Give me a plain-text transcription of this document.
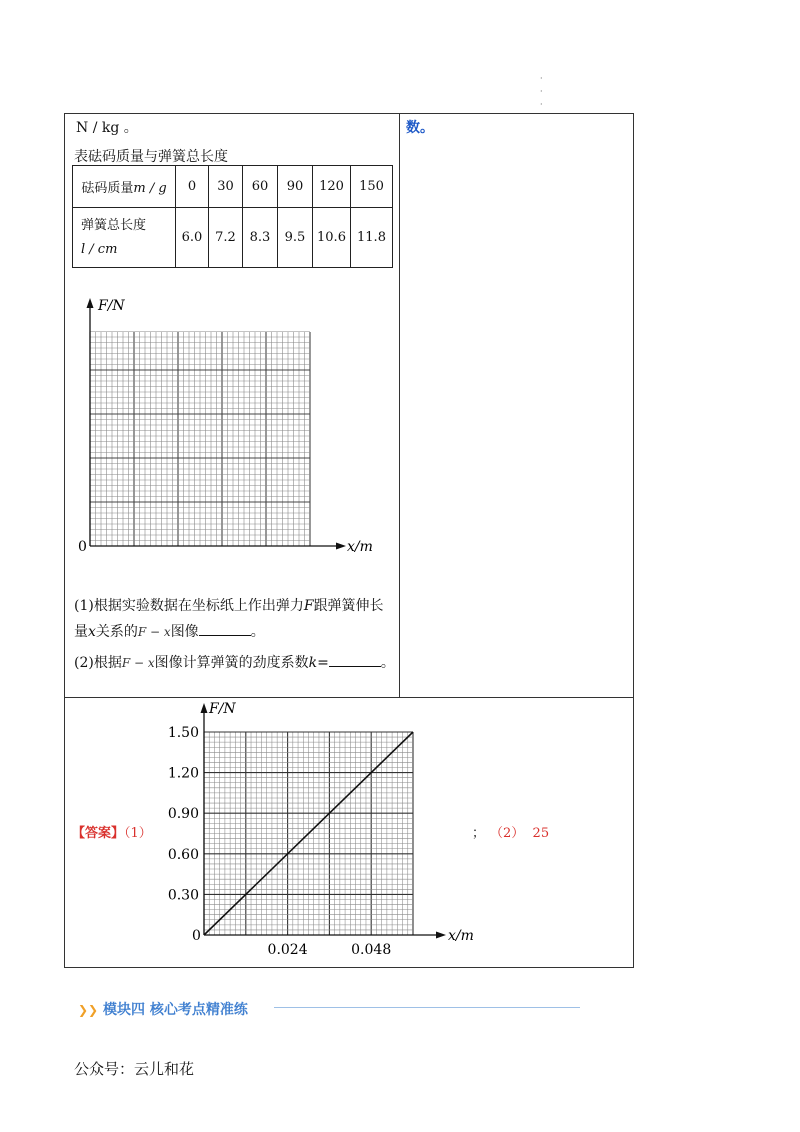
·
·
·
N / kg 。	数。
表砝码质量与弹簧总长度
砝码质量m / g	0	30	60	90	120	150
弹簧总长度
l / cm	6.0	7.2	8.3	9.5	10.6	11.8
F/N
x/m
0
(1)根据实验数据在坐标纸上作出弹力F跟弹簧伸长
量x关系的F − x图像	。
(2)根据F − x图像计算弹簧的劲度系数k=	。
【答案】（1）	； （2） 25
F/N
x/m
0
1.50
1.20
0.90
0.60
0.30
0.024	0.048
❯❯ 模块四 核心考点精准练
公众号：云儿和花
